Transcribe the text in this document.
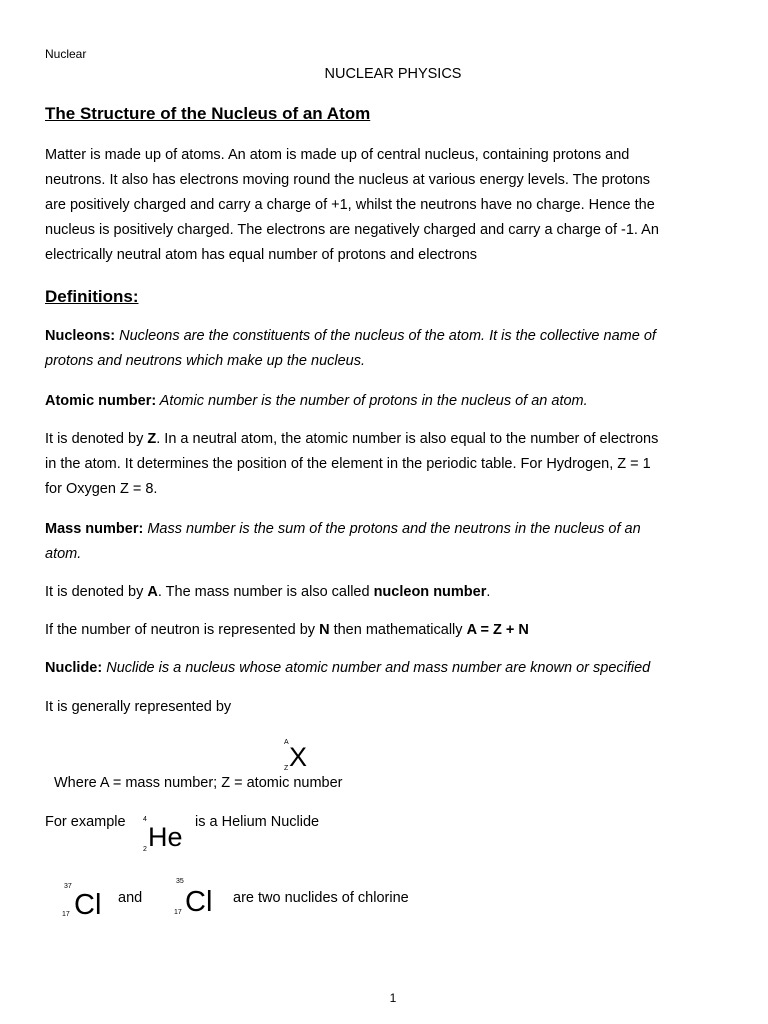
Nuclear
NUCLEAR PHYSICS
The Structure of the Nucleus of an Atom
Matter is made up of atoms. An atom is made up of central nucleus, containing protons and
neutrons. It also has electrons moving round the nucleus at various energy levels. The protons
are positively charged and carry a charge of +1, whilst the neutrons have no charge. Hence the
nucleus is positively charged. The electrons are negatively charged and carry a charge of -1. An
electrically neutral atom has equal number of protons and electrons
Definitions:
Nucleons: Nucleons are the constituents of the nucleus of the atom. It is the collective name of
protons and neutrons which make up the nucleus.
Atomic number: Atomic number is the number of protons in the nucleus of an atom.
It is denoted by Z. In a neutral atom, the atomic number is also equal to the number of electrons
in the atom. It determines the position of the element in the periodic table. For Hydrogen, Z = 1
for Oxygen Z = 8.
Mass number: Mass number is the sum of the protons and the neutrons in the nucleus of an
atom.
It is denoted by A. The mass number is also called nucleon number.
If the number of neutron is represented by N then mathematically A = Z + N
Nuclide: Nuclide is a nucleus whose atomic number and mass number are known or specified
It is generally represented by
A
Z X
Where A = mass number; Z = atomic number
For example 4
2 He is a Helium Nuclide
37
17 Cl and
35
17 Cl are two nuclides of chlorine
1
